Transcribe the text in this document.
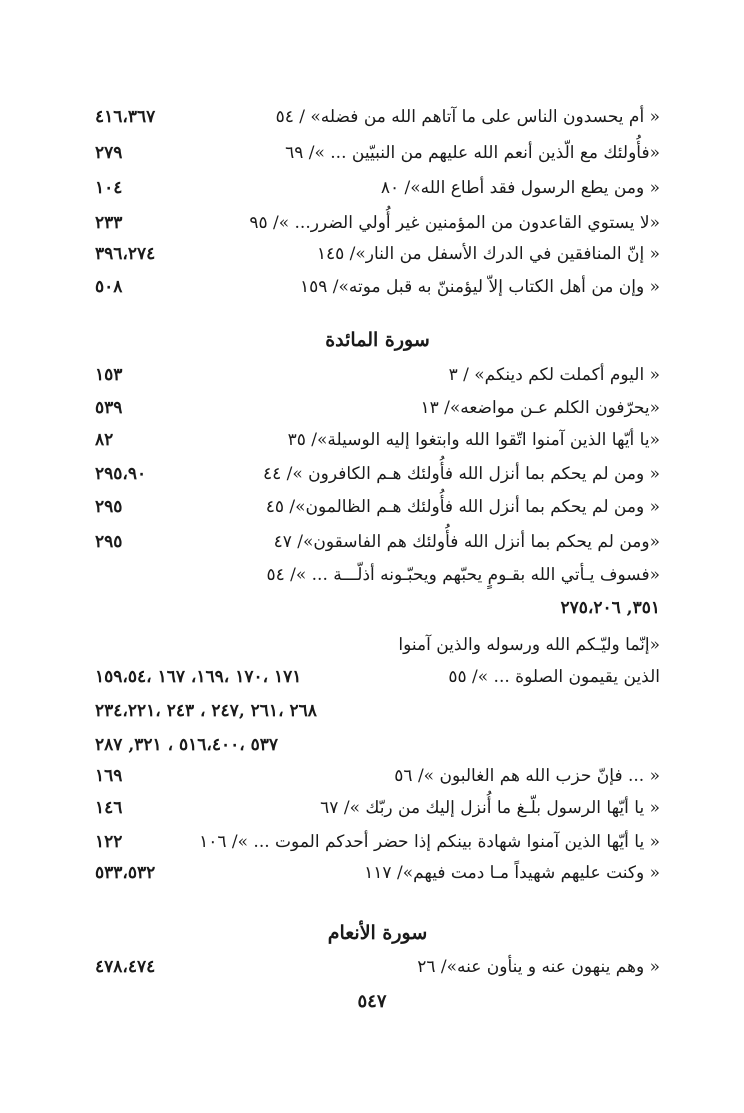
« أم يحسدون الناس على ما آتاهم الله من فضله» / ٥٤
٤١٦،٣٦٧
«فأُولئك مع الّذين أنعم الله عليهم من النبيّين ... »/ ٦٩
٢٧٩
« ومن يطع الرسول فقد أطاع الله»/ ٨٠
١٠٤
«لا يستوي القاعدون من المؤمنين غير أُولي الضرر... »/ ٩٥
٢٣٣
« إنّ المنافقين في الدرك الأسفل من النار»/ ١٤٥
٣٩٦،٢٧٤
« وإن من أهل الكتاب إلاّ ليؤمننّ به قبل موته»/ ١٥٩
٥٠٨
سورة المائدة
« اليوم أكملت لكم دينكم» / ٣
١٥٣
«يحرّفون الكلم عـن مواضعه»/ ١٣
٥٣٩
«يا أيّها الذين آمنوا اتّقوا الله وابتغوا إليه الوسيلة»/ ٣٥
٨٢
« ومن لم يحكم بما أنزل الله فأُولئك هـم الكافرون »/ ٤٤
٢٩٥،٩٠
« ومن لم يحكم بما أنزل الله فأُولئك هـم الظالمون»/ ٤٥
٢٩٥
«ومن لم يحكم بما أنزل الله فأُولئك هم الفاسقون»/ ٤٧
٢٩٥
«فسوف يـأتي الله بقـومٍ يحبّهم ويحبّـونه أذلّـــة ... »/ ٥٤
٣٥١, ٢٧٥،٢٠٦
«إنّما وليّـكم الله ورسوله والذين آمنوا
الذين يقيمون الصلوة ... »/ ٥٥
١٧١ ،١٧٠ ،١٦٩، ١٦٧ ،١٥٩،٥٤
٢٦٨ ،٢٦١ ,٢٤٧ ، ٢٤٣ ،٢٣٤،٢٢١
٥٣٧ ،٥١٦،٤٠٠ ، ٣٢١, ٢٨٧
« ... فإنّ حزب الله هم الغالبون »/ ٥٦
١٦٩
« يا أيّها الرسول بلّـغ ما أُنزل إليك من ربّك »/ ٦٧
١٤٦
« يا أيّها الذين آمنوا شهادة بينكم إذا حضر أحدكم الموت ... »/ ١٠٦
١٢٢
« وكنت عليهم شهيداً مـا دمت فيهم»/ ١١٧
٥٣٣،٥٣٢
سورة الأنعام
« وهم ينهون عنه و ينأون عنه»/ ٢٦
٤٧٨،٤٧٤
٥٤٧
